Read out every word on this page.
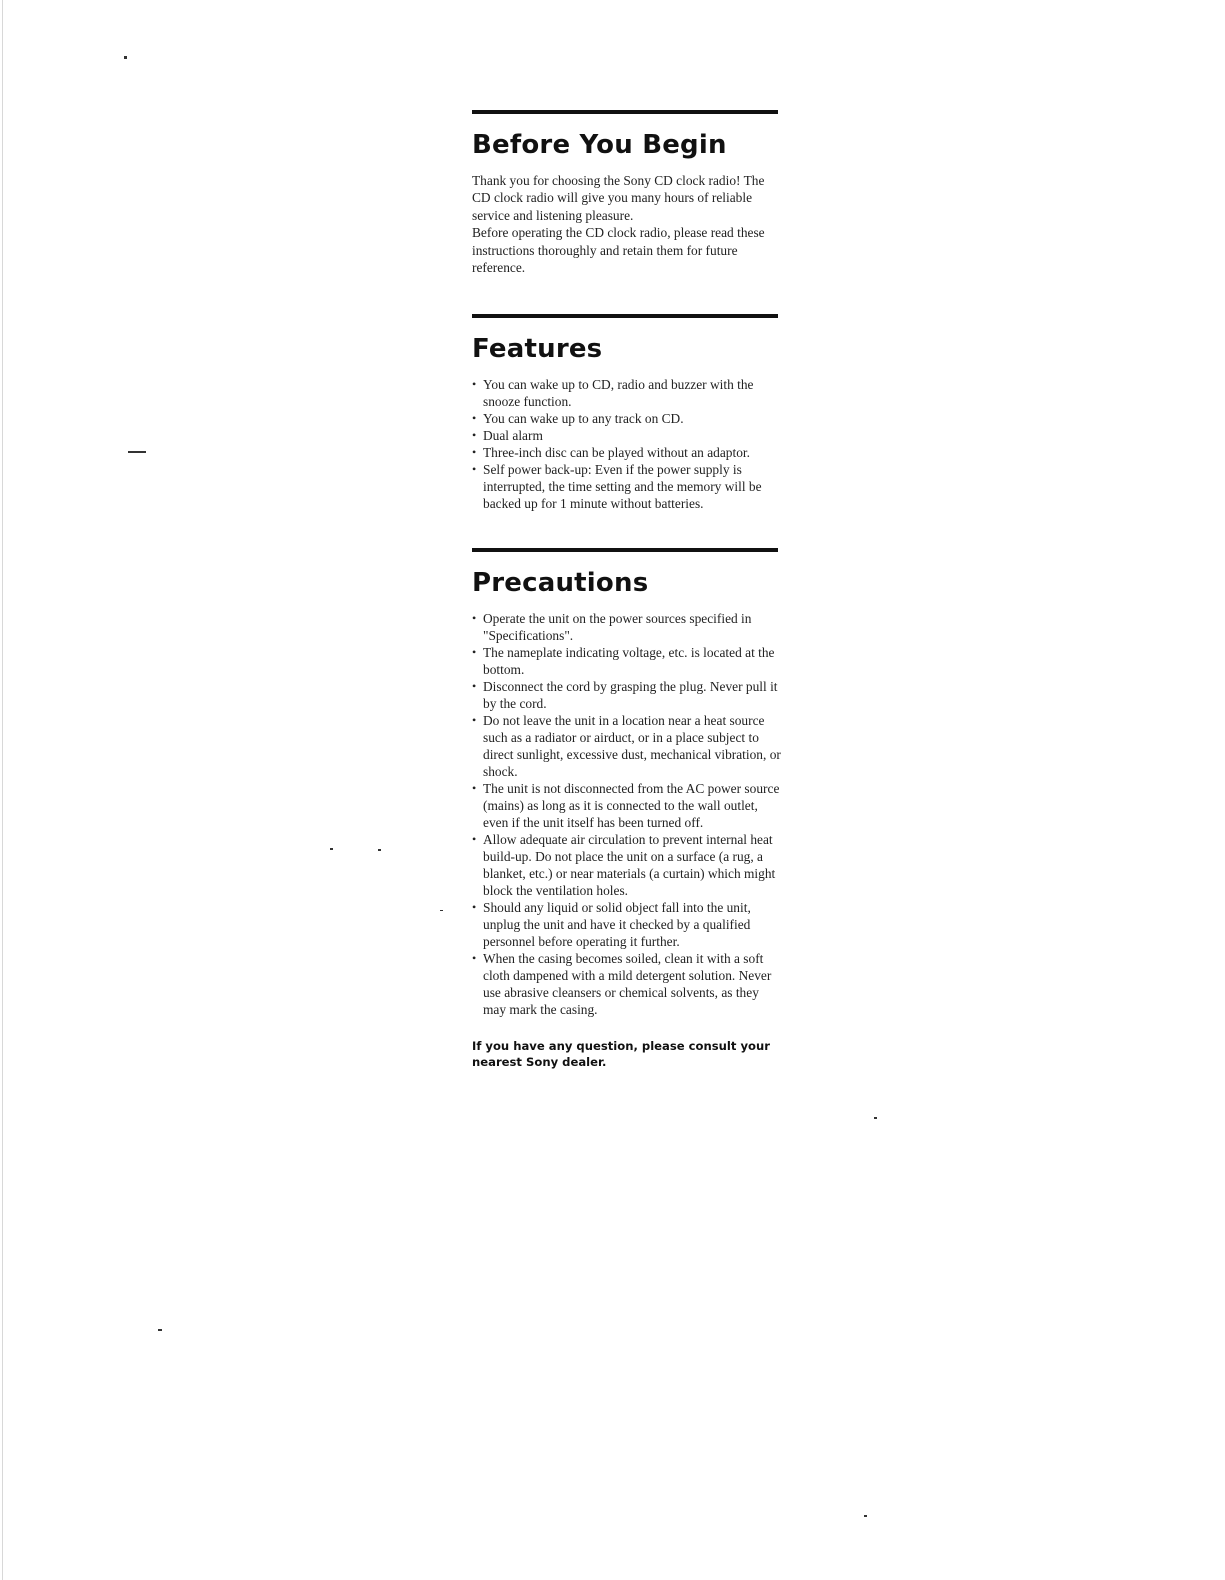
Before You Begin

Thank you for choosing the Sony CD clock radio! The CD clock radio will give you many hours of reliable service and listening pleasure.

Before operating the CD clock radio, please read these instructions thoroughly and retain them for future reference.

Features
• You can wake up to CD, radio and buzzer with the snooze function.
• You can wake up to any track on CD.
• Dual alarm
• Three-inch disc can be played without an adaptor.
• Self power back-up: Even if the power supply is interrupted, the time setting and the memory will be backed up for 1 minute without batteries.
Precautions
• Operate the unit on the power sources specified in "Specifications".
• The nameplate indicating voltage, etc. is located at the bottom.
• Disconnect the cord by grasping the plug. Never pull it by the cord.
• Do not leave the unit in a location near a heat source such as a radiator or airduct, or in a place subject to direct sunlight, excessive dust, mechanical vibration, or shock.
• The unit is not disconnected from the AC power source (mains) as long as it is connected to the wall outlet, even if the unit itself has been turned off.
• Allow adequate air circulation to prevent internal heat build-up. Do not place the unit on a surface (a rug, a blanket, etc.) or near materials (a curtain) which might block the ventilation holes.
• Should any liquid or solid object fall into the unit, unplug the unit and have it checked by a qualified personnel before operating it further.
• When the casing becomes soiled, clean it with a soft cloth dampened with a mild detergent solution. Never use abrasive cleansers or chemical solvents, as they may mark the casing.

If you have any question, please consult your nearest Sony dealer.
